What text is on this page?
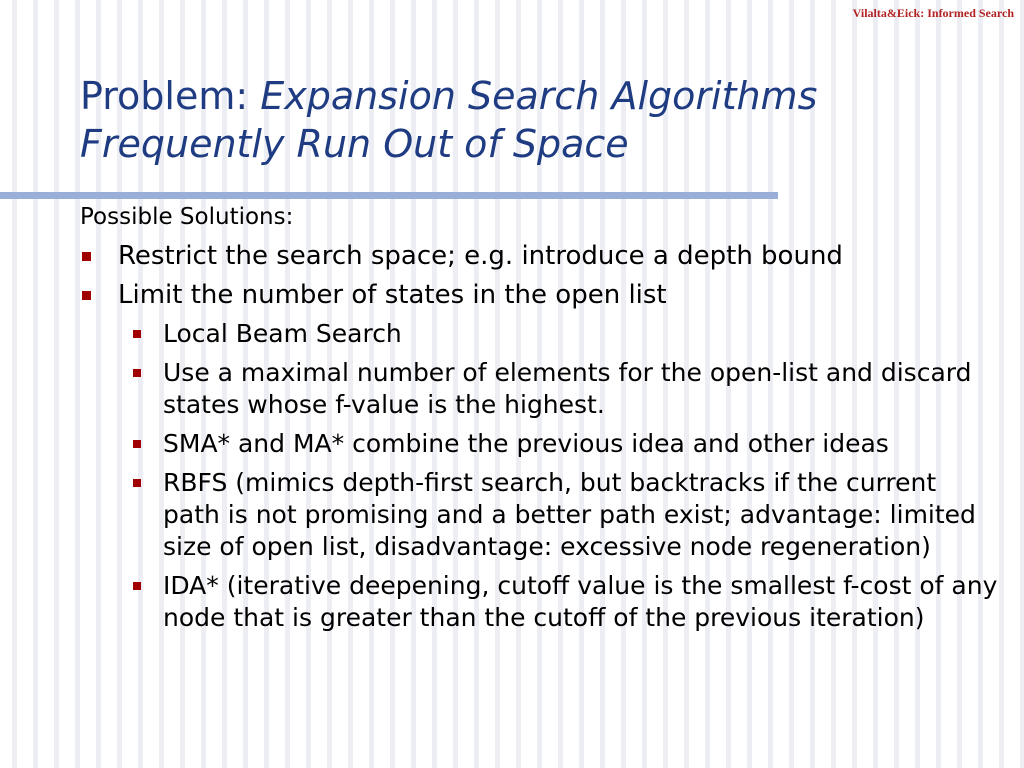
Vilalta&Eick: Informed Search
Problem: Expansion Search Algorithms Frequently Run Out of Space
Possible Solutions:
Restrict the search space; e.g. introduce a depth bound
Limit the number of states in the open list
Local Beam Search
Use a maximal number of elements for the open-list and discard states whose f-value is the highest.
SMA* and MA* combine the previous idea and other ideas
RBFS (mimics depth-first search, but backtracks if the current path is not promising and a better path exist; advantage: limited size of open list, disadvantage: excessive node regeneration)
IDA* (iterative deepening, cutoff value is the smallest f-cost of any node that is greater than the cutoff of the previous iteration)
